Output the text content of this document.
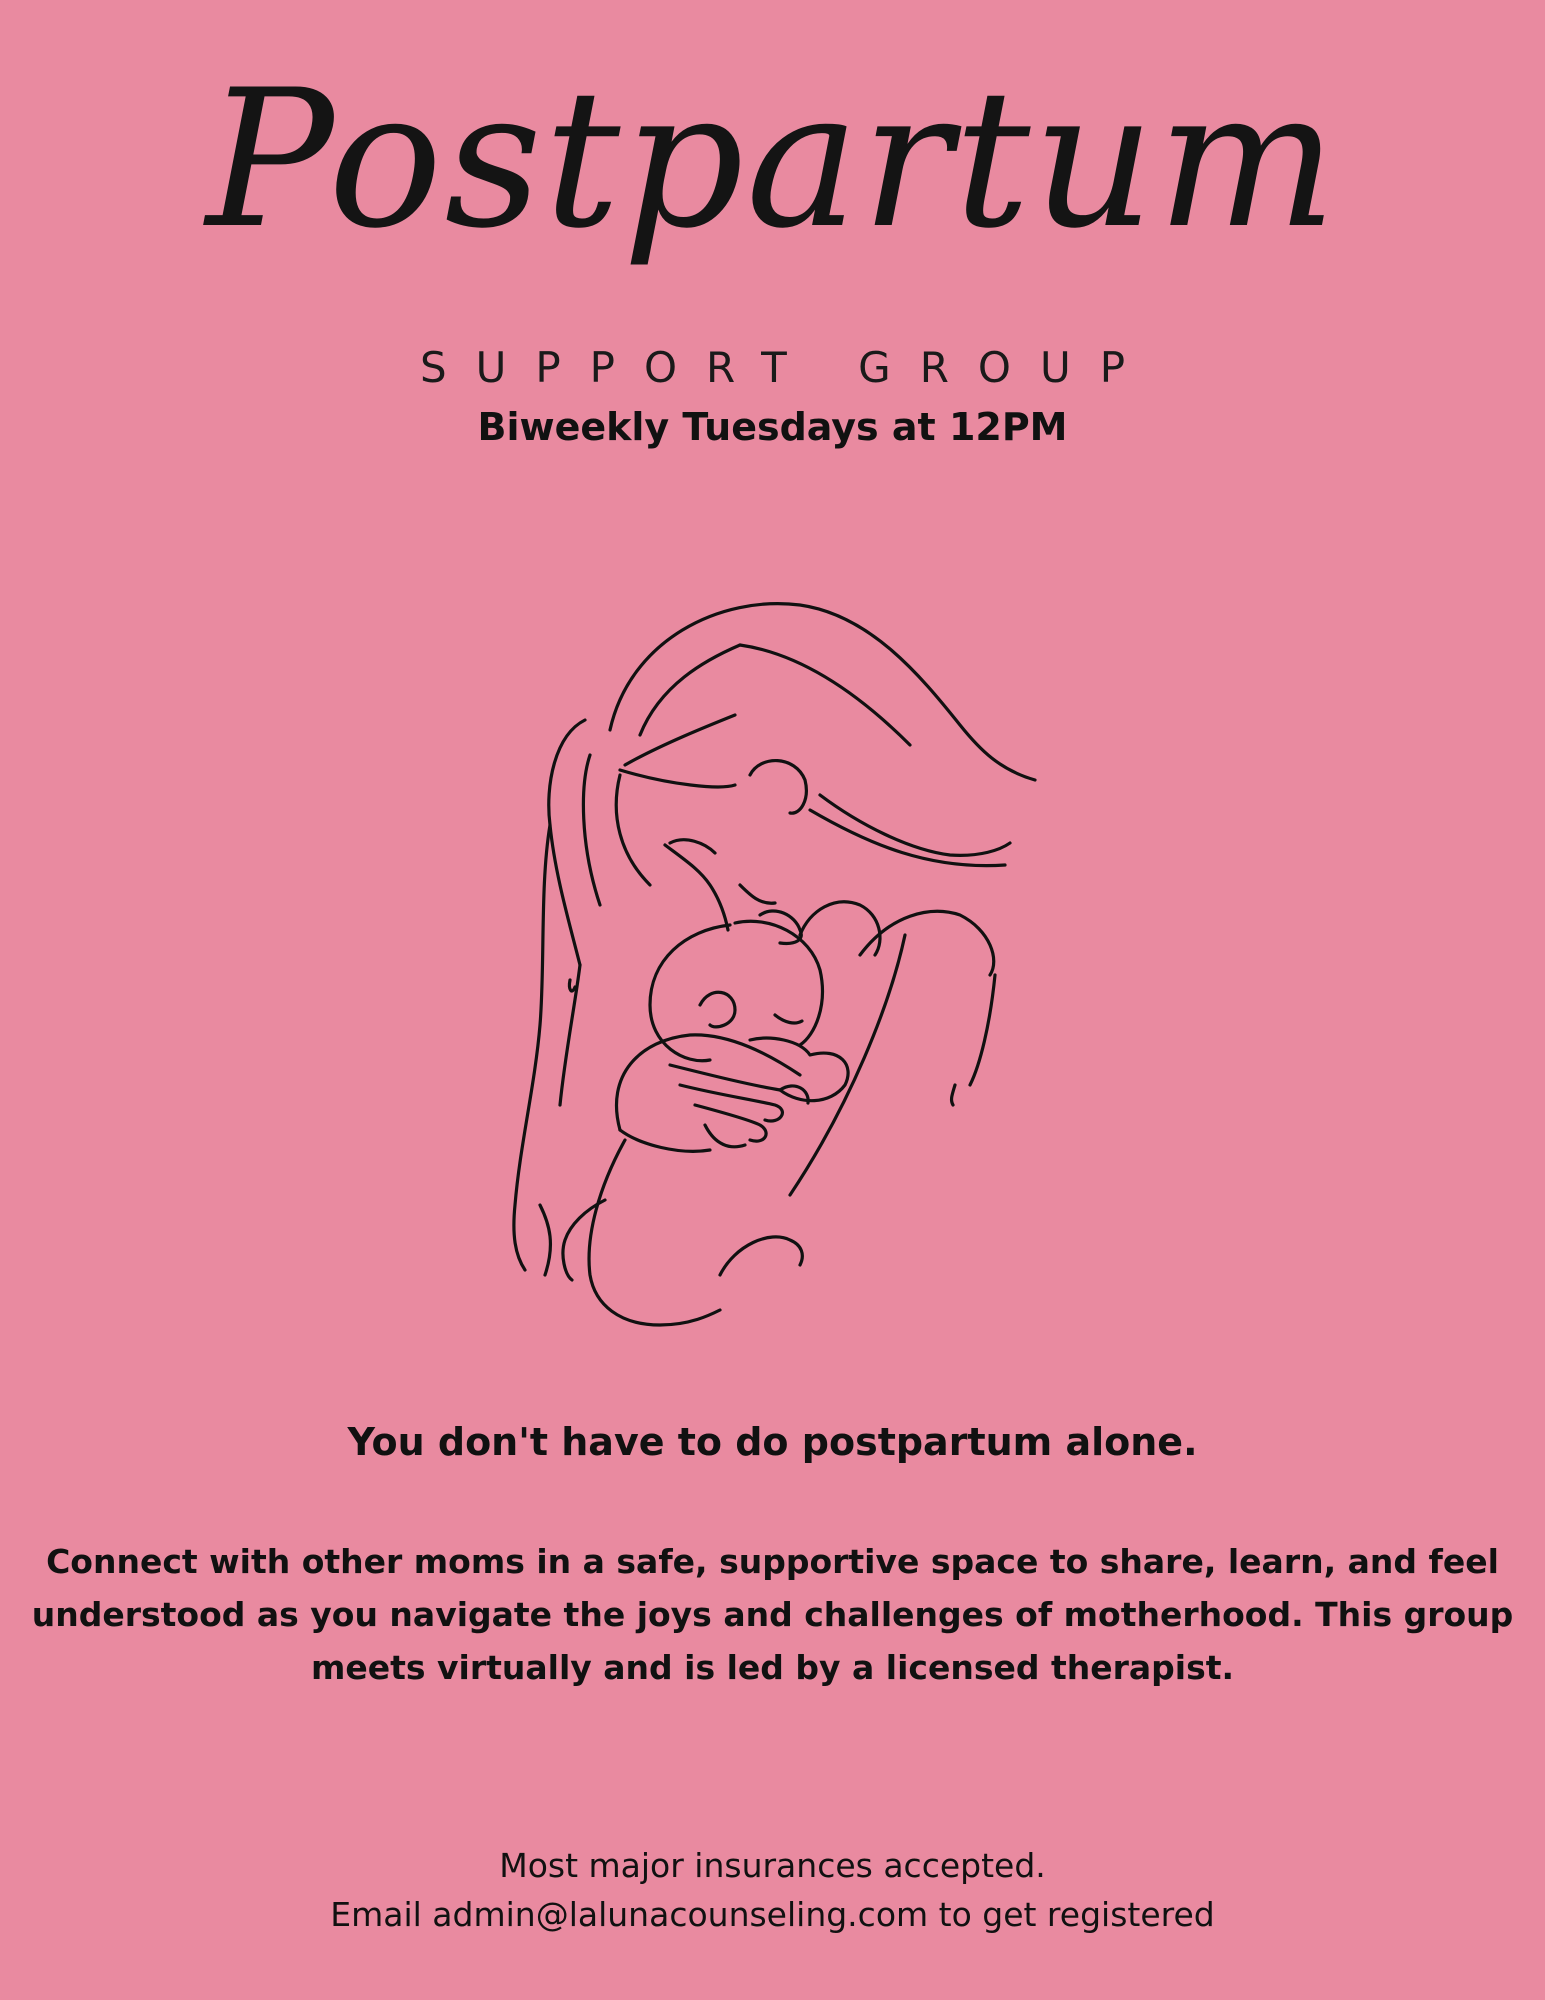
Postpartum
SUPPORT GROUP
Biweekly Tuesdays at 12PM
You don't have to do postpartum alone.
Connect with other moms in a safe, supportive space to share, learn, and feel understood as you navigate the joys and challenges of motherhood. This group meets virtually and is led by a licensed therapist.
Most major insurances accepted.
Email admin@lalunacounseling.com to get registered
